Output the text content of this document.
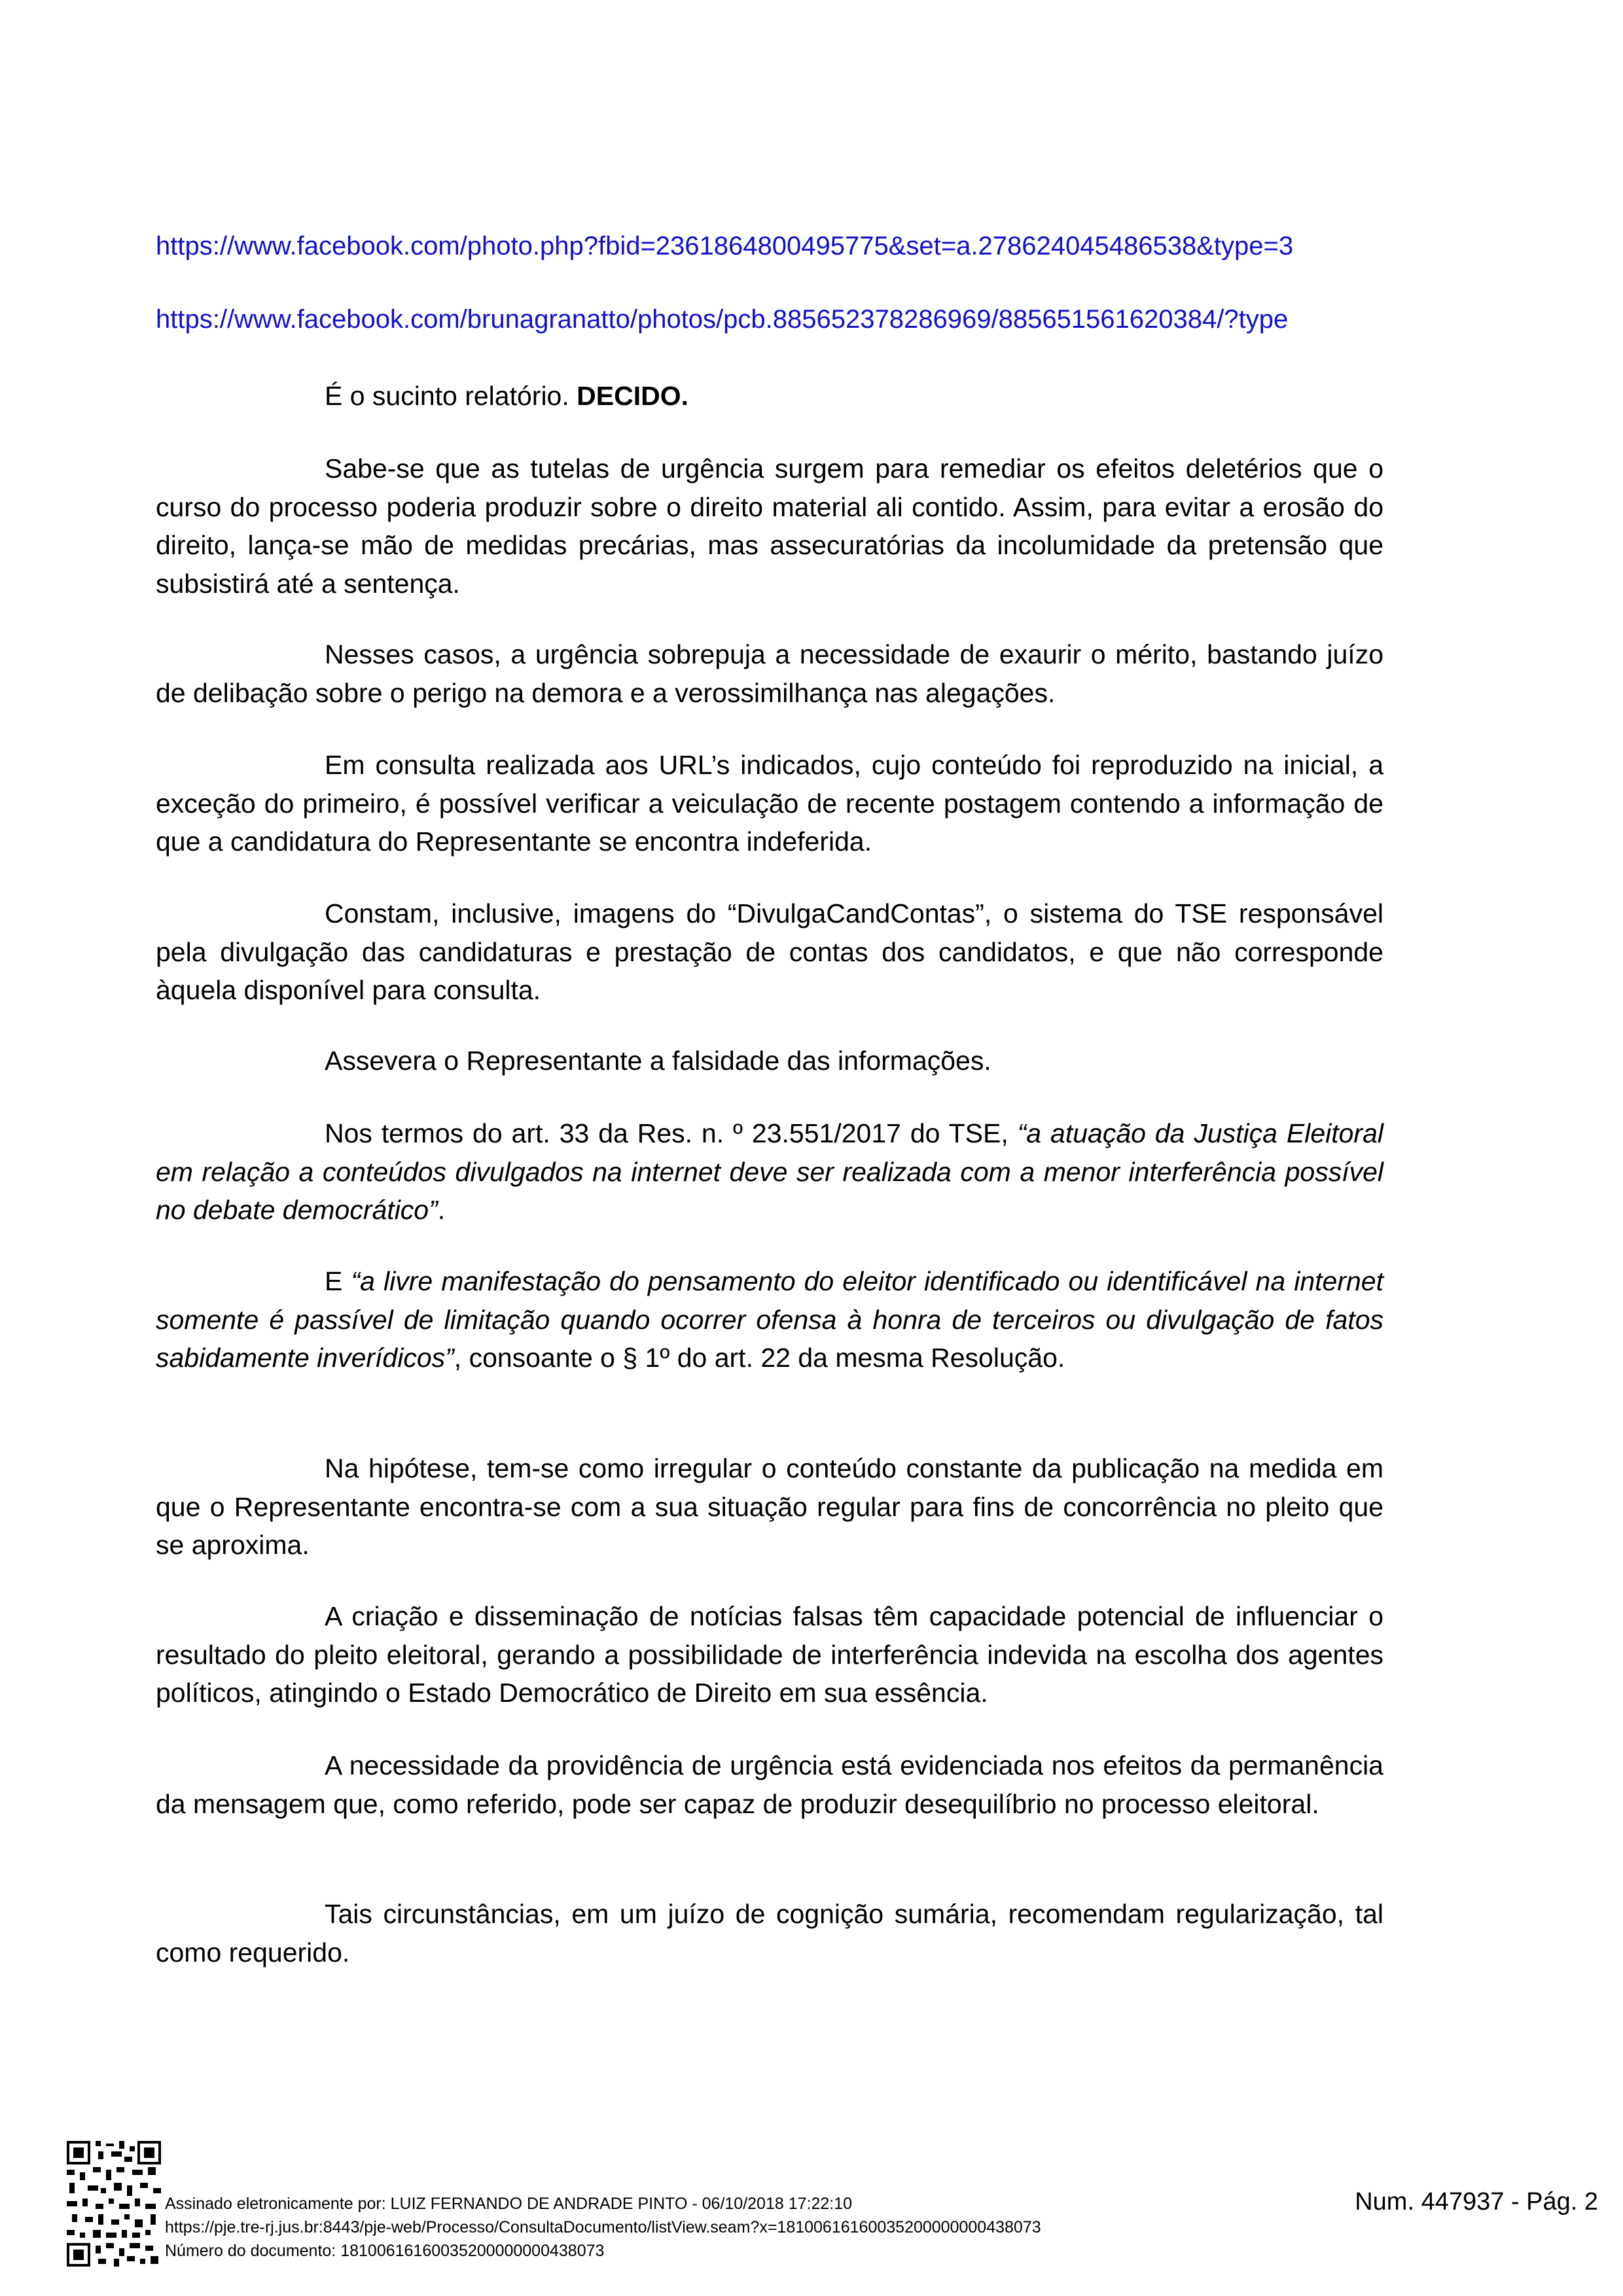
https://www.facebook.com/photo.php?fbid=2361864800495775&set=a.278624045486538&type=3
https://www.facebook.com/brunagranatto/photos/pcb.885652378286969/885651561620384/?type
É o sucinto relatório. DECIDO.
Sabe-se que as tutelas de urgência surgem para remediar os efeitos deletérios que o curso do processo poderia produzir sobre o direito material ali contido. Assim, para evitar a erosão do direito, lança-se mão de medidas precárias, mas assecuratórias da incolumidade da pretensão que subsistirá até a sentença.
Nesses casos, a urgência sobrepuja a necessidade de exaurir o mérito, bastando juízo de delibação sobre o perigo na demora e a verossimilhança nas alegações.
Em consulta realizada aos URL’s indicados, cujo conteúdo foi reproduzido na inicial, a exceção do primeiro, é possível verificar a veiculação de recente postagem contendo a informação de que a candidatura do Representante se encontra indeferida.
Constam, inclusive, imagens do “DivulgaCandContas”, o sistema do TSE responsável pela divulgação das candidaturas e prestação de contas dos candidatos, e que não corresponde àquela disponível para consulta.
Assevera o Representante a falsidade das informações.
Nos termos do art. 33 da Res. n. º 23.551/2017 do TSE, “a atuação da Justiça Eleitoral em relação a conteúdos divulgados na internet deve ser realizada com a menor interferência possível no debate democrático”.
E “a livre manifestação do pensamento do eleitor identificado ou identificável na internet somente é passível de limitação quando ocorrer ofensa à honra de terceiros ou divulgação de fatos sabidamente inverídicos”, consoante o § 1º do art. 22 da mesma Resolução.
Na hipótese, tem-se como irregular o conteúdo constante da publicação na medida em que o Representante encontra-se com a sua situação regular para fins de concorrência no pleito que se aproxima.
A criação e disseminação de notícias falsas têm capacidade potencial de influenciar o resultado do pleito eleitoral, gerando a possibilidade de interferência indevida na escolha dos agentes políticos, atingindo o Estado Democrático de Direito em sua essência.
A necessidade da providência de urgência está evidenciada nos efeitos da permanência da mensagem que, como referido, pode ser capaz de produzir desequilíbrio no processo eleitoral.
Tais circunstâncias, em um juízo de cognição sumária, recomendam regularização, tal como requerido.
Assinado eletronicamente por: LUIZ FERNANDO DE ANDRADE PINTO - 06/10/2018 17:22:10
https://pje.tre-rj.jus.br:8443/pje-web/Processo/ConsultaDocumento/listView.seam?x=18100616160035200000000438073
Número do documento: 18100616160035200000000438073
Num. 447937 - Pág. 2
